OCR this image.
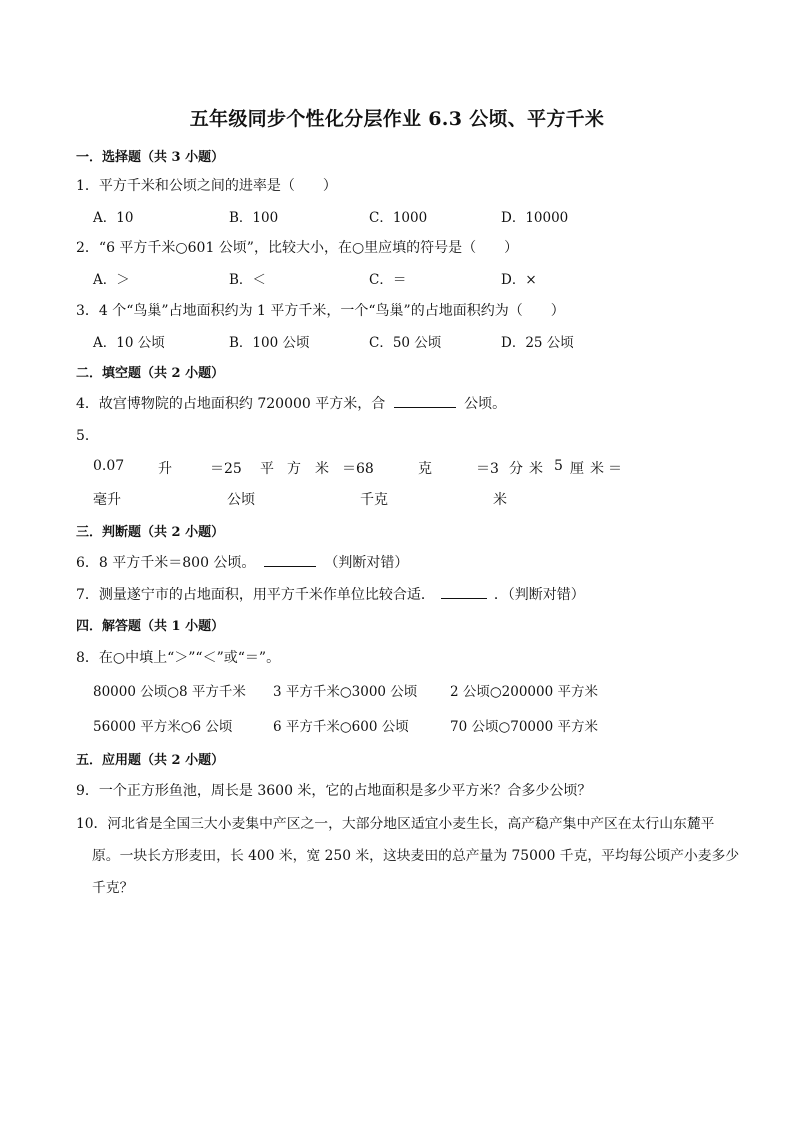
五年级同步个性化分层作业 6.3 公顷、平方千米
一．选择题（共 3 小题）
1．平方千米和公顷之间的进率是（　　）
A．10	B．100	C．1000	D．10000
2．“6 平方千米○601 公顷”，比较大小，在○里应填的符号是（　　）
A．＞	B．＜	C．＝	D．×
3．4 个“鸟巢”占地面积约为 1 平方千米，一个“鸟巢”的占地面积约为（　　）
A．10 公顷	B．100 公顷	C．50 公顷	D．25 公顷
二．填空题（共 2 小题）
4．故宫博物院的占地面积约 720000 平方米，合	公顷。
5．
0.07 升	＝25 平 方 米 ＝68	克	＝3 分米 5 厘米
＝
毫升	公顷	千克	米
三．判断题（共 2 小题）
6．8 平方千米＝800 公顷。	（判断对错）
7．测量遂宁市的占地面积，用平方千米作单位比较合适．	．（判断对错）
四．解答题（共 1 小题）
8．在○中填上“＞”“＜”或“＝”。
80000 公顷○8 平方千米 3 平方千米○3000 公顷 2 公顷○200000 平方米
56000 平方米○6 公顷	6 平方千米○600 公顷	70 公顷○70000 平方米
五．应用题（共 2 小题）
9．一个正方形鱼池，周长是 3600 米，它的占地面积是多少平方米？合多少公顷？
10．河北省是全国三大小麦集中产区之一，大部分地区适宜小麦生长，高产稳产集中产区在太行山东麓平
原。一块长方形麦田，长 400 米，宽 250 米，这块麦田的总产量为 75000 千克，平均每公顷产小麦多少
千克？
